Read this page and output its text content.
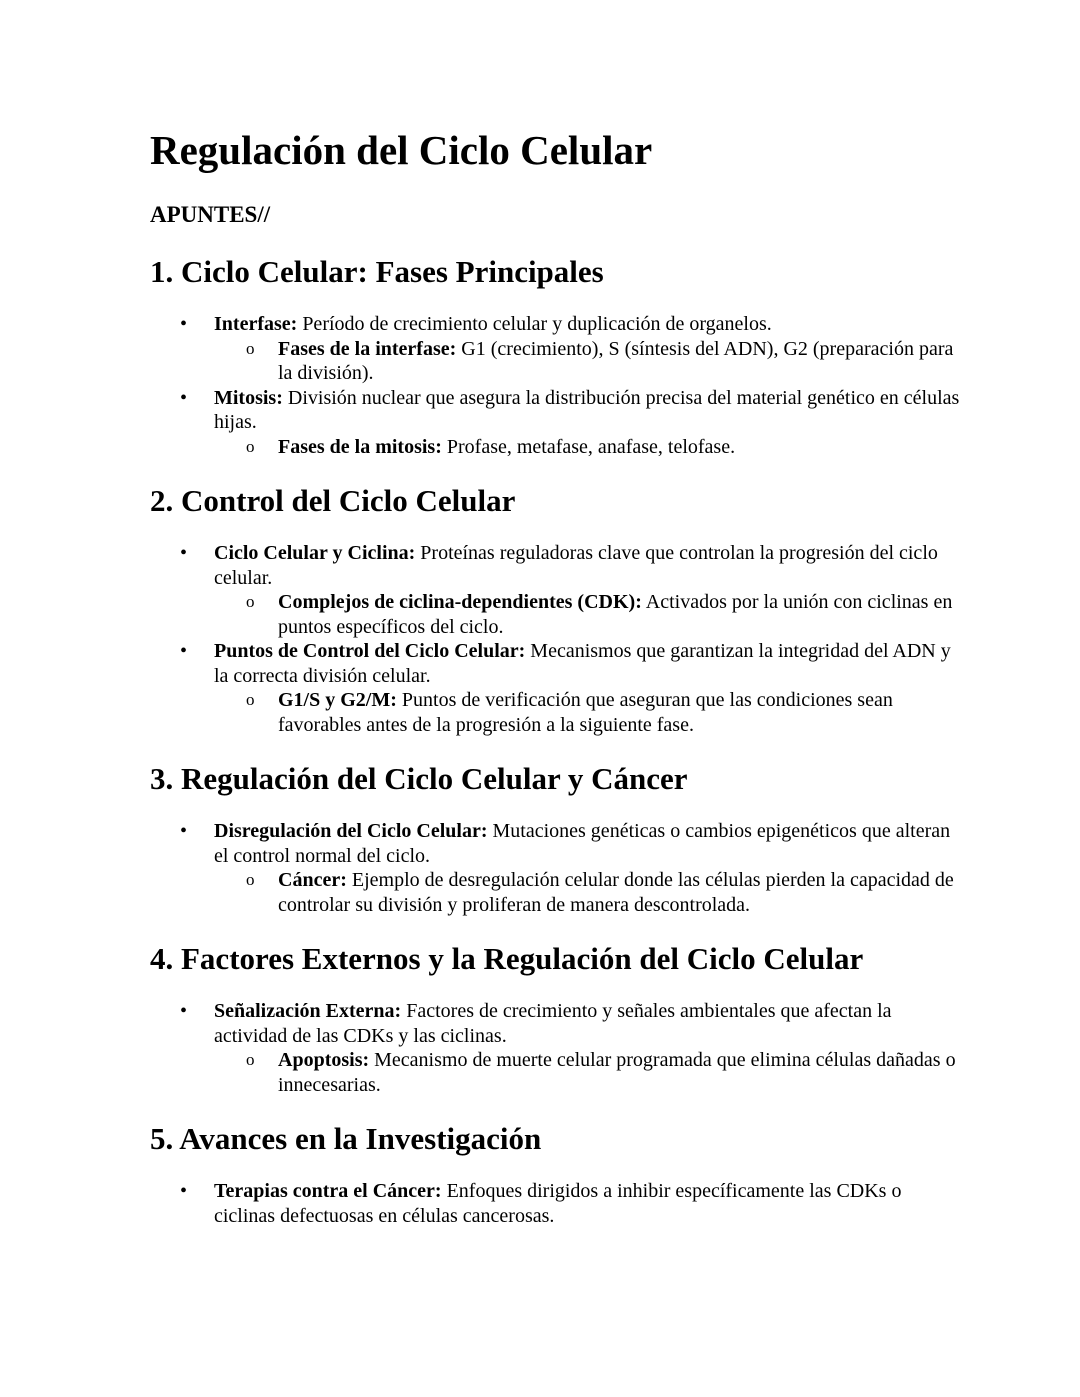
Regulación del Ciclo Celular
APUNTES//
1. Ciclo Celular: Fases Principales
• Interfase: Período de crecimiento celular y duplicación de organelos.
o Fases de la interfase: G1 (crecimiento), S (síntesis del ADN), G2 (preparación para la división).
• Mitosis: División nuclear que asegura la distribución precisa del material genético en células hijas.
o Fases de la mitosis: Profase, metafase, anafase, telofase.
2. Control del Ciclo Celular
• Ciclo Celular y Ciclina: Proteínas reguladoras clave que controlan la progresión del ciclo celular.
o Complejos de ciclina-dependientes (CDK): Activados por la unión con ciclinas en puntos específicos del ciclo.
• Puntos de Control del Ciclo Celular: Mecanismos que garantizan la integridad del ADN y la correcta división celular.
o G1/S y G2/M: Puntos de verificación que aseguran que las condiciones sean favorables antes de la progresión a la siguiente fase.
3. Regulación del Ciclo Celular y Cáncer
• Disregulación del Ciclo Celular: Mutaciones genéticas o cambios epigenéticos que alteran el control normal del ciclo.
o Cáncer: Ejemplo de desregulación celular donde las células pierden la capacidad de controlar su división y proliferan de manera descontrolada.
4. Factores Externos y la Regulación del Ciclo Celular
• Señalización Externa: Factores de crecimiento y señales ambientales que afectan la actividad de las CDKs y las ciclinas.
o Apoptosis: Mecanismo de muerte celular programada que elimina células dañadas o innecesarias.
5. Avances en la Investigación
• Terapias contra el Cáncer: Enfoques dirigidos a inhibir específicamente las CDKs o ciclinas defectuosas en células cancerosas.
